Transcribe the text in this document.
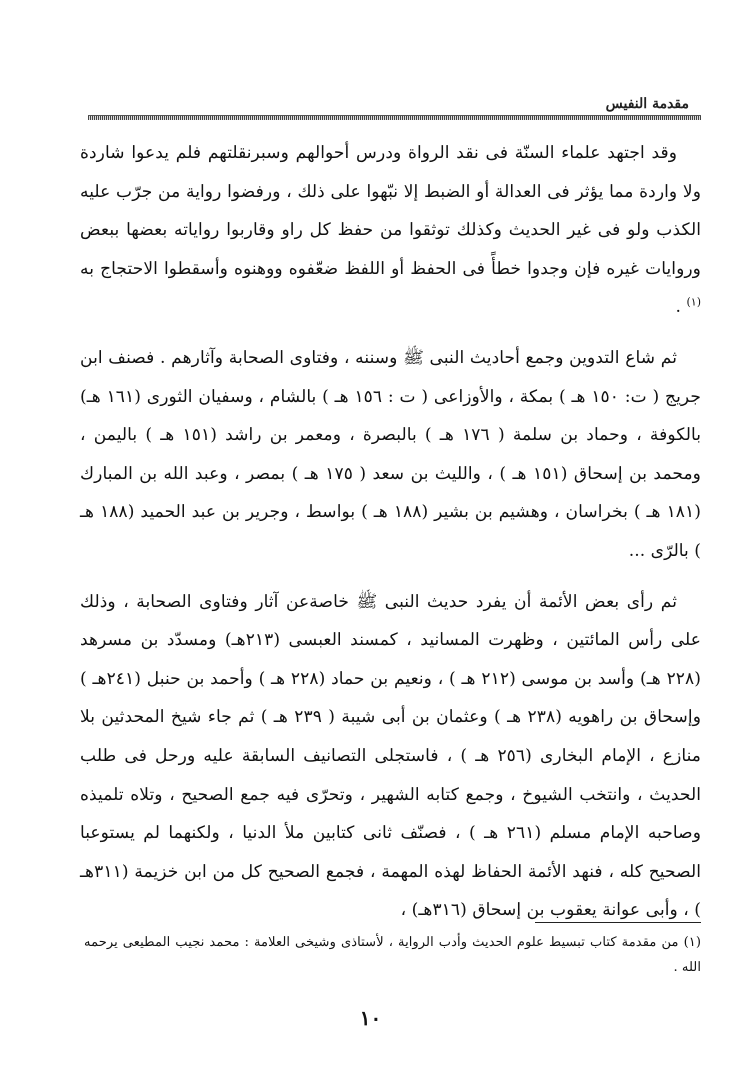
مقدمة النفيس

وقد اجتهد علماء السنّة فى نقد الرواة ودرس أحوالهم وسبرنقلتهم فلم يدعوا شاردة ولا واردة مما يؤثر فى العدالة أو الضبط إلا نبّهوا على ذلك ، ورفضوا رواية من جرّب عليه الكذب ولو فى غير الحديث وكذلك توثقوا من حفظ كل راو وقاربوا رواياته بعضها ببعض وروايات غيره فإن وجدوا خطأً فى الحفظ أو اللفظ ضعّفوه ووهنوه وأسقطوا الاحتجاج به $^{(١)}$ .

ثم شاع التدوين وجمع أحاديث النبى ﷺ وسننه ، وفتاوى الصحابة وآثارهم . فصنف ابن جريج ( ت: ١٥٠ هـ ) بمكة ، والأوزاعى ( ت : ١٥٦ هـ ) بالشام ، وسفيان الثورى (١٦١ هـ) بالكوفة ، وحماد بن سلمة ( ١٧٦ هـ ) بالبصرة ، ومعمر بن راشد (١٥١ هـ ) باليمن ، ومحمد بن إسحاق (١٥١ هـ ) ، والليث بن سعد ( ١٧٥ هـ ) بمصر ، وعبد الله بن المبارك (١٨١ هـ ) بخراسان ، وهشيم بن بشير (١٨٨ هـ ) بواسط ، وجرير بن عبد الحميد (١٨٨ هـ ) بالرّى ...

ثم رأى بعض الأئمة أن يفرد حديث النبى ﷺ خاصةعن آثار وفتاوى الصحابة ، وذلك على رأس المائتين ، وظهرت المسانيد ، كمسند العبسى (٢١٣هـ) ومسدّد بن مسرهد (٢٢٨ هـ) وأسد بن موسى (٢١٢ هـ ) ، ونعيم بن حماد (٢٢٨ هـ ) وأحمد بن حنبل (٢٤١هـ ) وإسحاق بن راهويه (٢٣٨ هـ ) وعثمان بن أبى شيبة ( ٢٣٩ هـ ) ثم جاء شيخ المحدثين بلا منازع ، الإمام البخارى (٢٥٦ هـ ) ، فاستجلى التصانيف السابقة عليه ورحل فى طلب الحديث ، وانتخب الشيوخ ، وجمع كتابه الشهير ، وتحرّى فيه جمع الصحيح ، وتلاه تلميذه وصاحبه الإمام مسلم (٢٦١ هـ ) ، فصنّف ثانى كتابين ملأ الدنيا ، ولكنهما لم يستوعبا الصحيح كله ، فنهد الأئمة الحفاظ لهذه المهمة ، فجمع الصحيح كل من ابن خزيمة (٣١١هـ ) ، وأبى عوانة يعقوب بن إسحاق (٣١٦هـ) ،

(١) من مقدمة كتاب تبسيط علوم الحديث وأدب الرواية ، لأستاذى وشيخى العلامة : محمد نجيب المطيعى يرحمه الله .
١٠
